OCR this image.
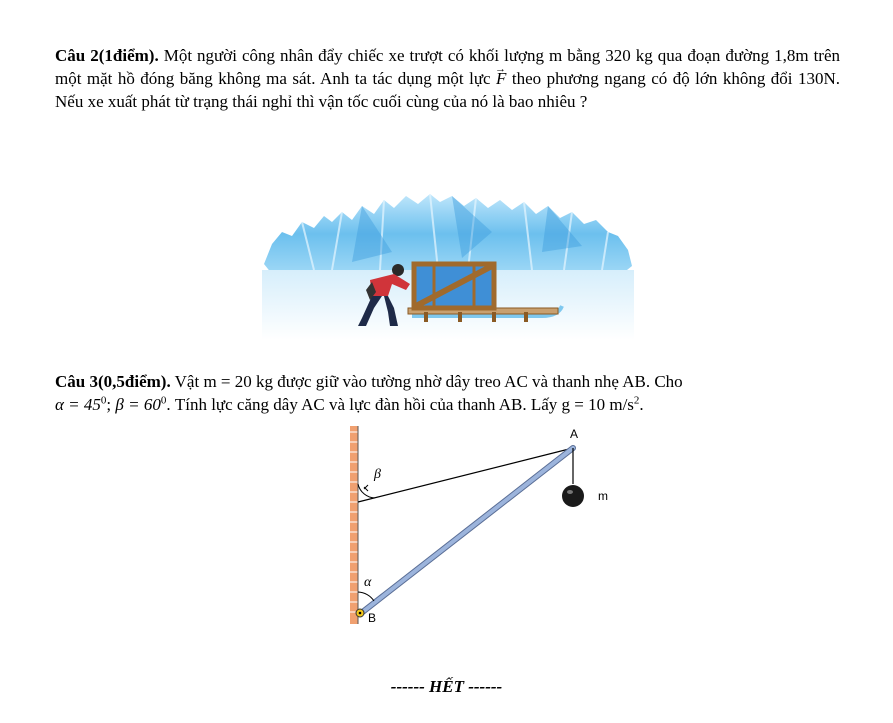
Câu 2(1điểm). Một người công nhân đẩy chiếc xe trượt có khối lượng m bằng 320 kg qua đoạn đường 1,8m trên một mặt hồ đóng băng không ma sát. Anh ta tác dụng một lực → F theo phương ngang có độ lớn không đổi 130N. Nếu xe xuất phát từ trạng thái nghỉ thì vận tốc cuối cùng của nó là bao nhiêu ?
Câu 3(0,5điểm). Vật m = 20 kg được giữ vào tường nhờ dây treo AC và thanh nhẹ AB. Cho
$\alpha = 45^0$; $\beta = 60^0$. Tính lực căng dây AC và lực đàn hồi của thanh AB. Lấy g = 10 $m/s^2$.
A
B
m
α
β
------ HẾT ------
